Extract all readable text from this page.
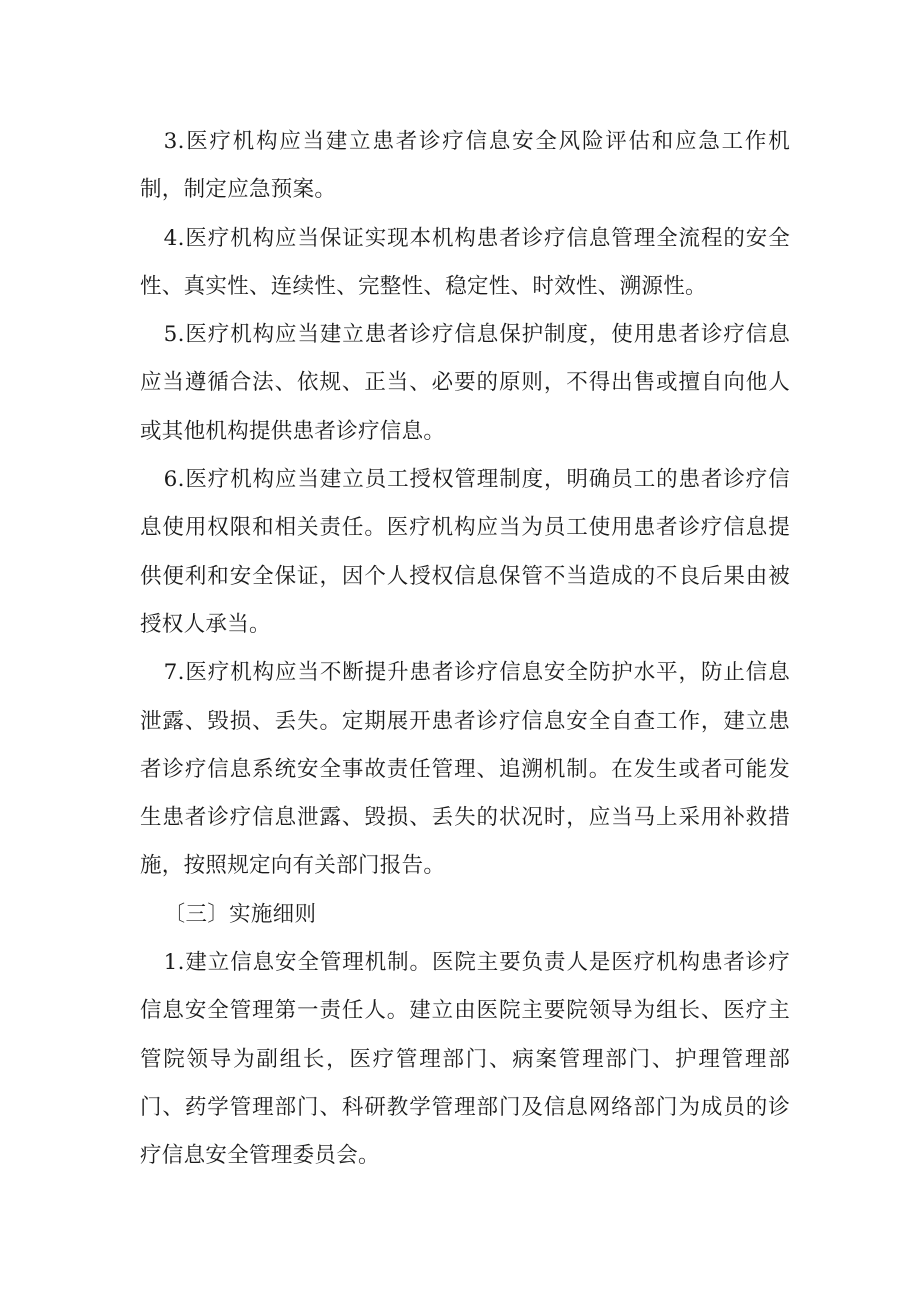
3.医疗机构应当建立患者诊疗信息安全风险评估和应急工作机制，制定应急预案。

4.医疗机构应当保证实现本机构患者诊疗信息管理全流程的安全性、真实性、连续性、完整性、稳定性、时效性、溯源性。

5.医疗机构应当建立患者诊疗信息保护制度，使用患者诊疗信息应当遵循合法、依规、正当、必要的原则，不得出售或擅自向他人或其他机构提供患者诊疗信息。

6.医疗机构应当建立员工授权管理制度，明确员工的患者诊疗信息使用权限和相关责任。医疗机构应当为员工使用患者诊疗信息提供便利和安全保证，因个人授权信息保管不当造成的不良后果由被授权人承当。

7.医疗机构应当不断提升患者诊疗信息安全防护水平，防止信息泄露、毁损、丢失。定期展开患者诊疗信息安全自查工作，建立患者诊疗信息系统安全事故责任管理、追溯机制。在发生或者可能发生患者诊疗信息泄露、毁损、丢失的状况时，应当马上采用补救措施，按照规定向有关部门报告。

〔三〕实施细则

1.建立信息安全管理机制。医院主要负责人是医疗机构患者诊疗信息安全管理第一责任人。建立由医院主要院领导为组长、医疗主管院领导为副组长，医疗管理部门、病案管理部门、护理管理部门、药学管理部门、科研教学管理部门及信息网络部门为成员的诊疗信息安全管理委员会。
